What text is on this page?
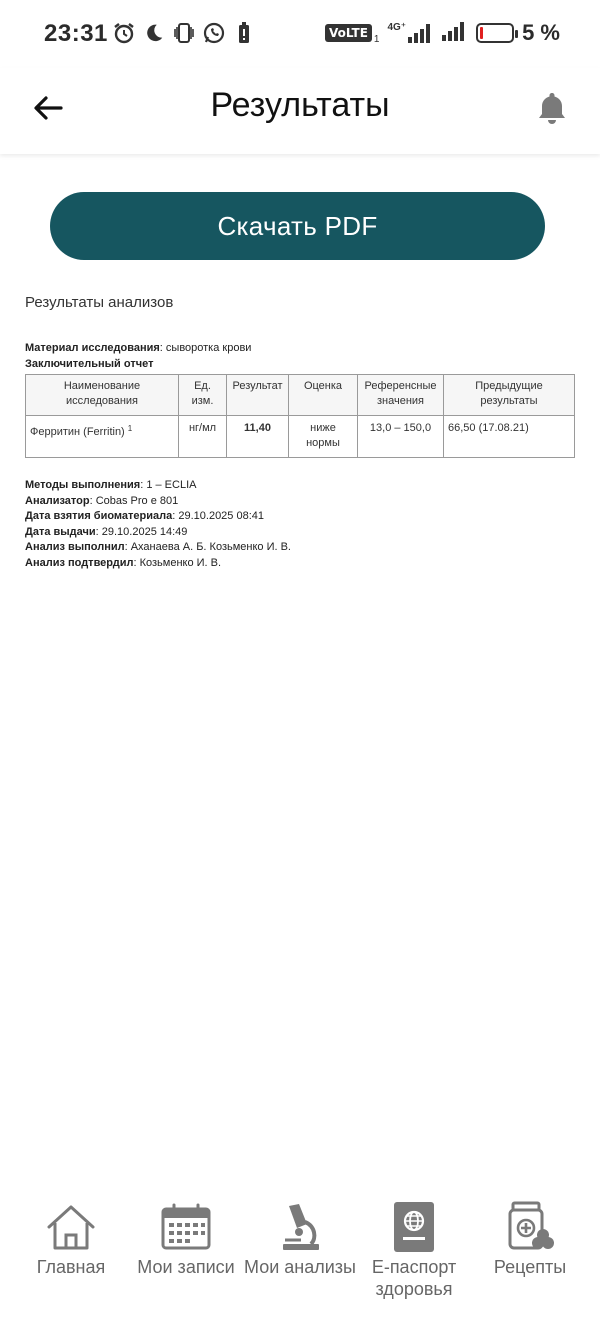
23:31	VoLTE 1
4G⁺	5 %
Результаты
Скачать PDF
Результаты анализов
Материал исследования: сыворотка крови
Заключительный отчет
Наименование исследования	Ед. изм.	Результат	Оценка	Референсные значения	Предыдущие результаты
Ферритин (Ferritin) $^1$	нг/мл	11,40	ниже нормы	13,0 – 150,0	66,50 (17.08.21)
Методы выполнения: 1 – ECLIA
Анализатор: Cobas Pro e 801
Дата взятия биоматериала: 29.10.2025 08:41
Дата выдачи: 29.10.2025 14:49
Анализ выполнил: Аханаева А. Б. Козьменко И. В.
Анализ подтвердил: Козьменко И. В.
Главная Мои записи Мои анализы Е-паспорт
здоровья
Рецепты
